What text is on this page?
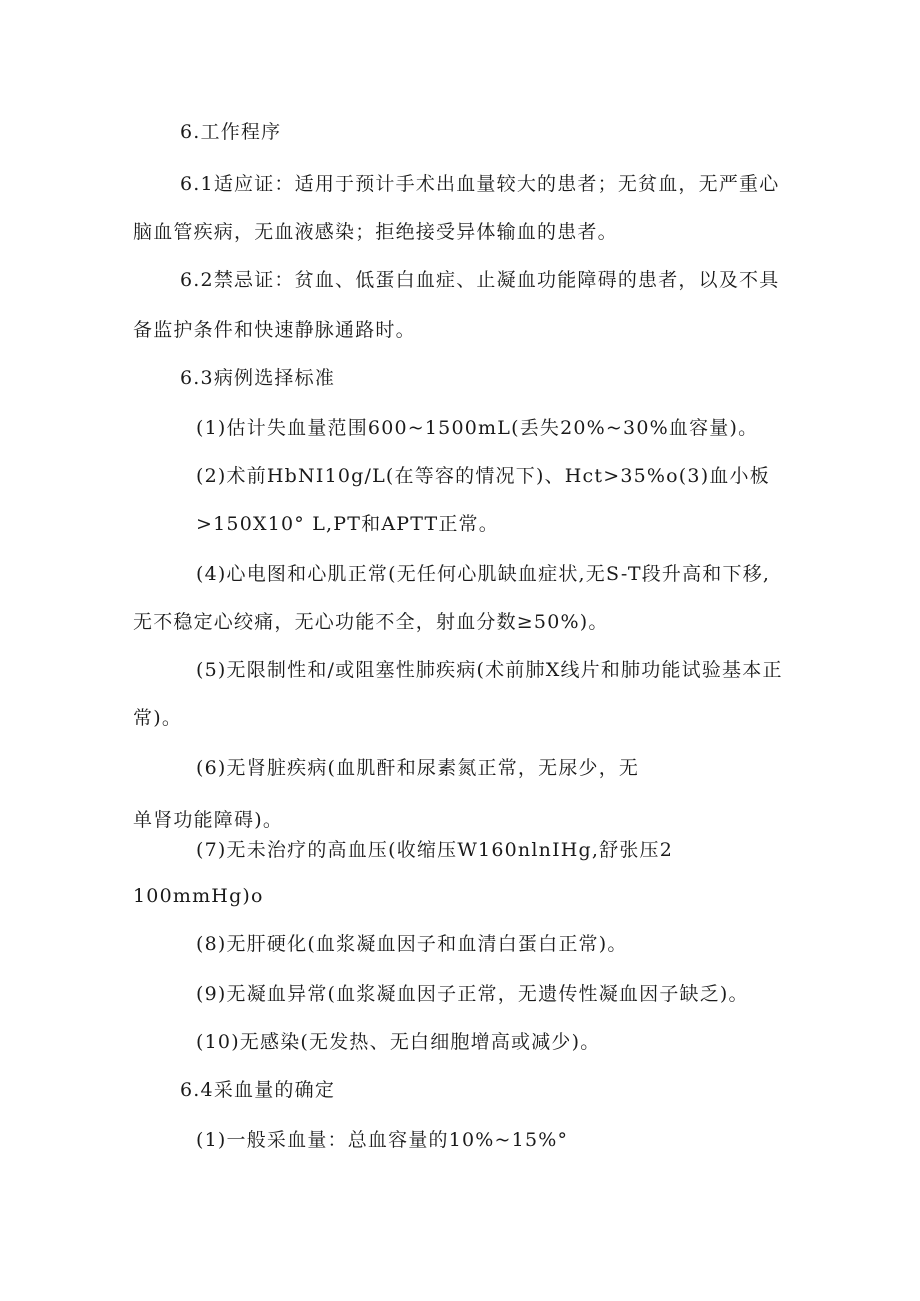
6.工作程序
6.1适应证：适用于预计手术出血量较大的患者；无贫血，无严重心
脑血管疾病，无血液感染；拒绝接受异体输血的患者。
6.2禁忌证：贫血、低蛋白血症、止凝血功能障碍的患者，以及不具
备监护条件和快速静脉通路时。
6.3病例选择标准
(1)估计失血量范围600~1500mL(丢失20%~30%血容量)。
(2)术前HbNI10g/L(在等容的情况下)、Hct>35%o(3)血小板
>150X10° L,PT和APTT正常。
(4)心电图和心肌正常(无任何心肌缺血症状,无S-T段升高和下移,
无不稳定心绞痛，无心功能不全，射血分数≥50%)。
(5)无限制性和/或阻塞性肺疾病(术前肺X线片和肺功能试验基本正
常)。
(6)无肾脏疾病(血肌酐和尿素氮正常，无尿少，无
单肾功能障碍)。
(7)无未治疗的高血压(收缩压W160nlnIHg,舒张压2
100mmHg)o
(8)无肝硬化(血浆凝血因子和血清白蛋白正常)。
(9)无凝血异常(血浆凝血因子正常，无遗传性凝血因子缺乏)。
(10)无感染(无发热、无白细胞增高或减少)。
6.4采血量的确定
(1)一般采血量：总血容量的10%~15%°
